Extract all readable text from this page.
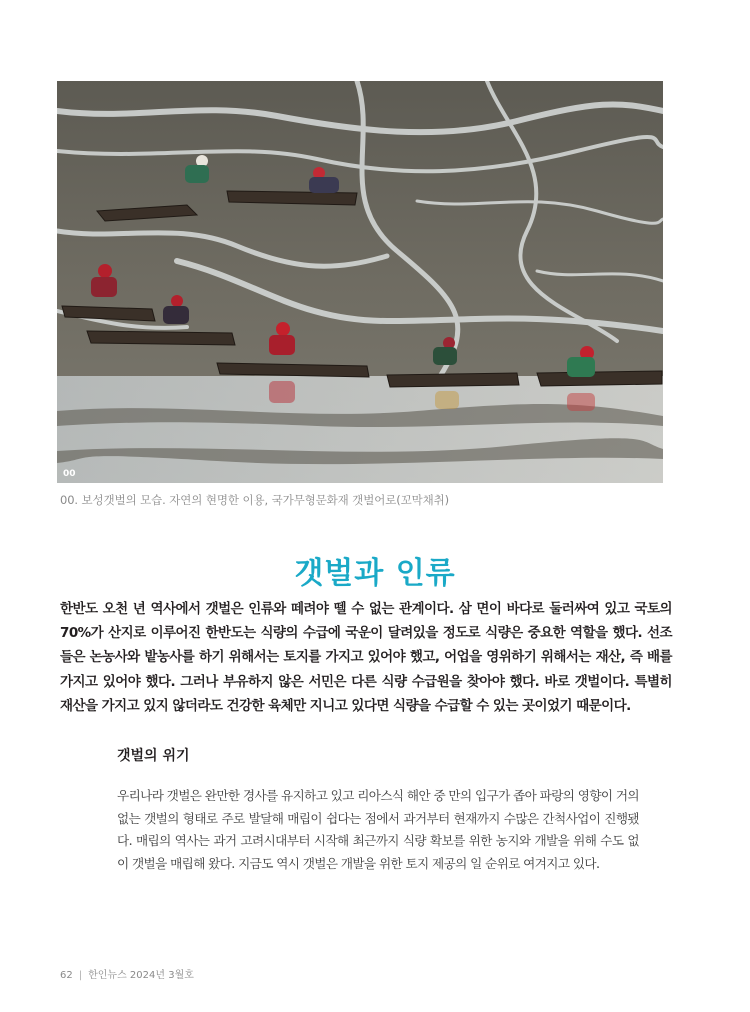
00
00. 보성갯벌의 모습. 자연의 현명한 이용, 국가무형문화재 갯벌어로(꼬막채취)
갯벌과 인류
한반도 오천 년 역사에서 갯벌은 인류와 떼려야 뗄 수 없는 관계이다. 삼 면이 바다로 둘러싸여 있고 국토의 70%가 산지로 이루어진 한반도는 식량의 수급에 국운이 달려있을 정도로 식량은 중요한 역할을 했다. 선조들은 논농사와 밭농사를 하기 위해서는 토지를 가지고 있어야 했고, 어업을 영위하기 위해서는 재산, 즉 배를 가지고 있어야 했다. 그러나 부유하지 않은 서민은 다른 식량 수급원을 찾아야 했다. 바로 갯벌이다. 특별히 재산을 가지고 있지 않더라도 건강한 육체만 지니고 있다면 식량을 수급할 수 있는 곳이었기 때문이다.
갯벌의 위기
우리나라 갯벌은 완만한 경사를 유지하고 있고 리아스식 해안 중 만의 입구가 좁아 파랑의 영향이 거의 없는 갯벌의 형태로 주로 발달해 매립이 쉽다는 점에서 과거부터 현재까지 수많은 간척사업이 진행됐다. 매립의 역사는 과거 고려시대부터 시작해 최근까지 식량 확보를 위한 농지와 개발을 위해 수도 없이 갯벌을 매립해 왔다. 지금도 역시 갯벌은 개발을 위한 토지 제공의 일 순위로 여겨지고 있다.
62 | 한인뉴스 2024년 3월호
